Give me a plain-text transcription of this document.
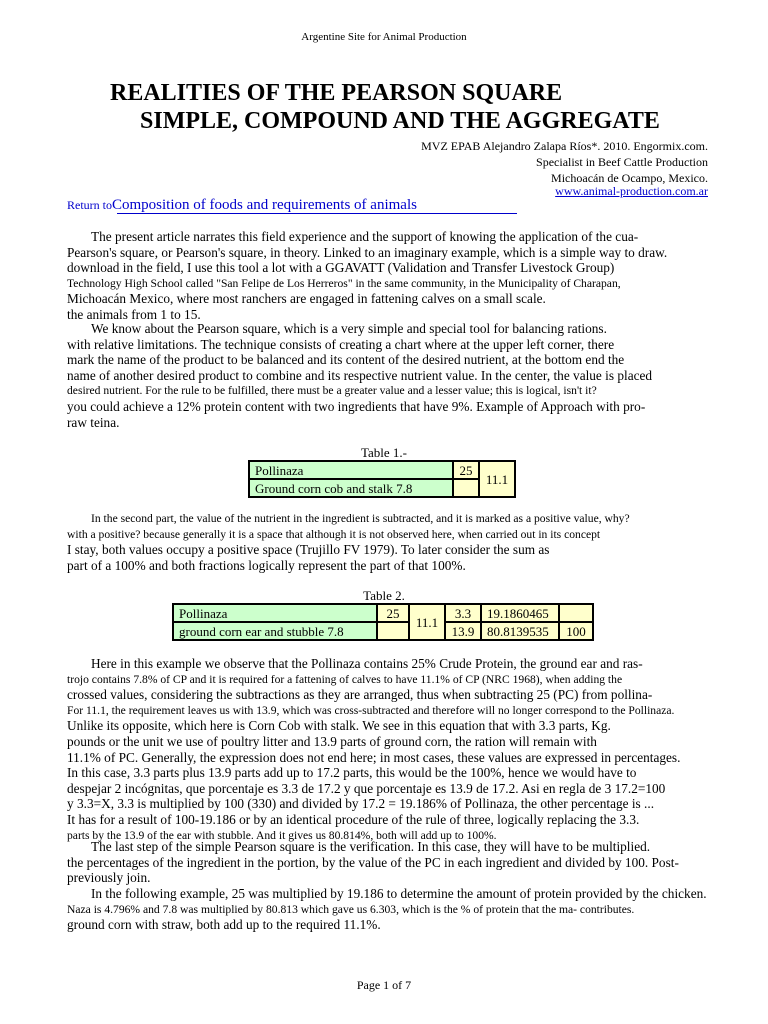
Argentine Site for Animal Production
REALITIES OF THE PEARSON SQUARE
SIMPLE, COMPOUND AND THE AGGREGATE
MVZ EPAB Alejandro Zalapa Ríos*. 2010. Engormix.com.
Specialist in Beef Cattle Production
Michoacán de Ocampo, Mexico.
www.animal-production.com.ar
Return toComposition of foods and requirements of animals
The present article narrates this field experience and the support of knowing the application of the cua-
Pearson's square, or Pearson's square, in theory. Linked to an imaginary example, which is a simple way to draw.
download in the field, I use this tool a lot with a GGAVATT (Validation and Transfer Livestock Group)
Technology High School called "San Felipe de Los Herreros" in the same community, in the Municipality of Charapan,
Michoacán Mexico, where most ranchers are engaged in fattening calves on a small scale.
the animals from 1 to 15.
We know about the Pearson square, which is a very simple and special tool for balancing rations.
with relative limitations. The technique consists of creating a chart where at the upper left corner, there
mark the name of the product to be balanced and its content of the desired nutrient, at the bottom end the
name of another desired product to combine and its respective nutrient value. In the center, the value is placed
desired nutrient. For the rule to be fulfilled, there must be a greater value and a lesser value; this is logical, isn't it?
you could achieve a 12% protein content with two ingredients that have 9%. Example of Approach with pro-
raw teina.
Table 1.-
Pollinaza	25	11.1
Ground corn cob and stalk 7.8		
In the second part, the value of the nutrient in the ingredient is subtracted, and it is marked as a positive value, why?
with a positive? because generally it is a space that although it is not observed here, when carried out in its concept
I stay, both values occupy a positive space (Trujillo FV 1979). To later consider the sum as
part of a 100% and both fractions logically represent the part of that 100%.
Table 2.
Pollinaza	25	11.1	3.3	19.1860465	
ground corn ear and stubble 7.8			13.9	80.8139535	100
Here in this example we observe that the Pollinaza contains 25% Crude Protein, the ground ear and ras-
trojo contains 7.8% of CP and it is required for a fattening of calves to have 11.1% of CP (NRC 1968), when adding the
crossed values, considering the subtractions as they are arranged, thus when subtracting 25 (PC) from pollina-
For 11.1, the requirement leaves us with 13.9, which was cross-subtracted and therefore will no longer correspond to the Pollinaza.
Unlike its opposite, which here is Corn Cob with stalk. We see in this equation that with 3.3 parts, Kg.
pounds or the unit we use of poultry litter and 13.9 parts of ground corn, the ration will remain with
11.1% of PC. Generally, the expression does not end here; in most cases, these values are expressed in percentages.
In this case, 3.3 parts plus 13.9 parts add up to 17.2 parts, this would be the 100%, hence we would have to
despejar 2 incógnitas, que porcentaje es 3.3 de 17.2 y que porcentaje es 13.9 de 17.2. Asi en regla de 3 17.2=100
y 3.3=X, 3.3 is multiplied by 100 (330) and divided by 17.2 = 19.186% of Pollinaza, the other percentage is ...
It has for a result of 100-19.186 or by an identical procedure of the rule of three, logically replacing the 3.3.
parts by the 13.9 of the ear with stubble. And it gives us 80.814%, both will add up to 100%.
The last step of the simple Pearson square is the verification. In this case, they will have to be multiplied.
the percentages of the ingredient in the portion, by the value of the PC in each ingredient and divided by 100. Post-
previously join.
In the following example, 25 was multiplied by 19.186 to determine the amount of protein provided by the chicken.
Naza is 4.796% and 7.8 was multiplied by 80.813 which gave us 6.303, which is the % of protein that the ma- contributes.
ground corn with straw, both add up to the required 11.1%.
Page 1 of 7
